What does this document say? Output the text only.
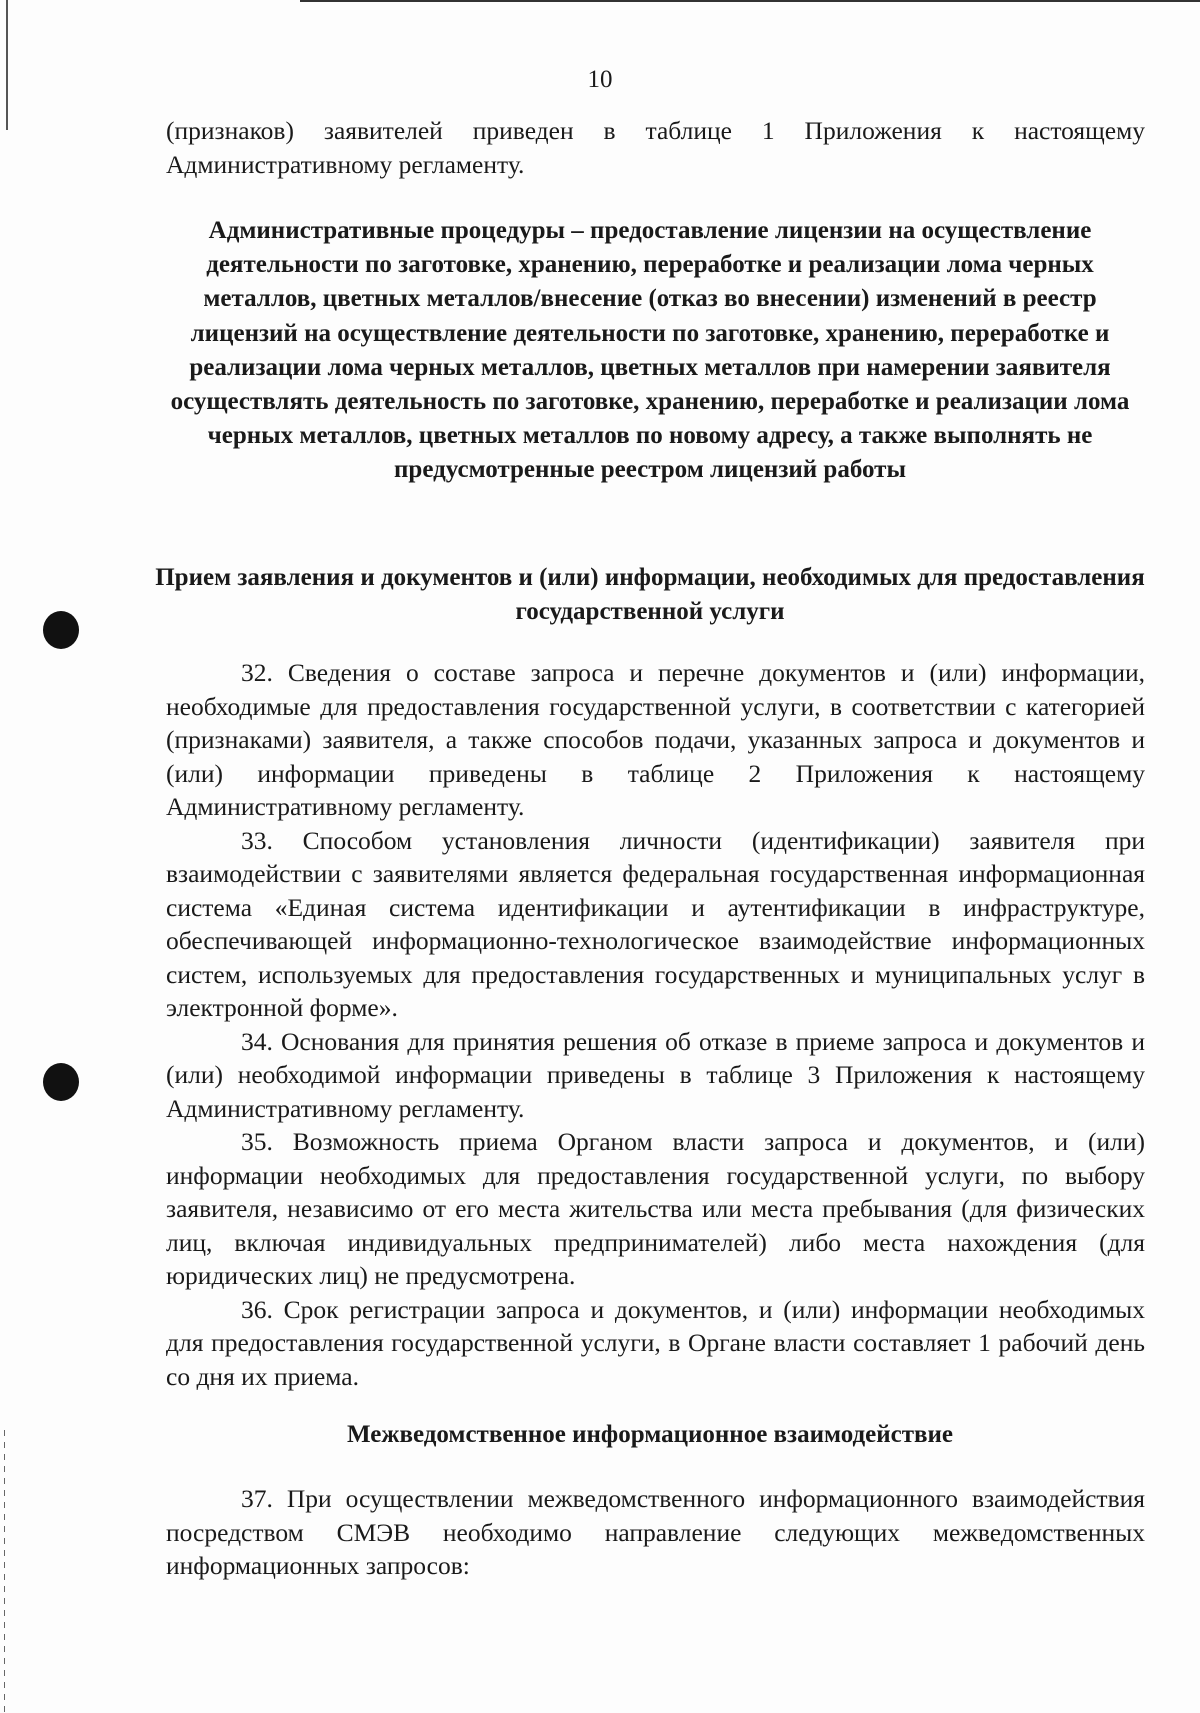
10
(признаков) заявителей приведен в таблице 1 Приложения к настоящему Административному регламенту.
Административные процедуры – предоставление лицензии на осуществление деятельности по заготовке, хранению, переработке и реализации лома черных металлов, цветных металлов/внесение (отказ во внесении) изменений в реестр лицензий на осуществление деятельности по заготовке, хранению, переработке и реализации лома черных металлов, цветных металлов при намерении заявителя осуществлять деятельность по заготовке, хранению, переработке и реализации лома черных металлов, цветных металлов по новому адресу, а также выполнять не предусмотренные реестром лицензий работы
Прием заявления и документов и (или) информации, необходимых для предоставления государственной услуги

32. Сведения о составе запроса и перечне документов и (или) информации, необходимые для предоставления государственной услуги, в соответствии с категорией (признаками) заявителя, а также способов подачи, указанных запроса и документов и (или) информации приведены в таблице 2 Приложения к настоящему Административному регламенту.

33. Способом установления личности (идентификации) заявителя при взаимодействии с заявителями является федеральная государственная информационная система «Единая система идентификации и аутентификации в инфраструктуре, обеспечивающей информационно-технологическое взаимодействие информационных систем, используемых для предоставления государственных и муниципальных услуг в электронной форме».

34. Основания для принятия решения об отказе в приеме запроса и документов и (или) необходимой информации приведены в таблице 3 Приложения к настоящему Административному регламенту.

35. Возможность приема Органом власти запроса и документов, и (или) информации необходимых для предоставления государственной услуги, по выбору заявителя, независимо от его места жительства или места пребывания (для физических лиц, включая индивидуальных предпринимателей) либо места нахождения (для юридических лиц) не предусмотрена.

36. Срок регистрации запроса и документов, и (или) информации необходимых для предоставления государственной услуги, в Органе власти составляет 1 рабочий день со дня их приема.

Межведомственное информационное взаимодействие

37. При осуществлении межведомственного информационного взаимодействия посредством СМЭВ необходимо направление следующих межведомственных информационных запросов:
